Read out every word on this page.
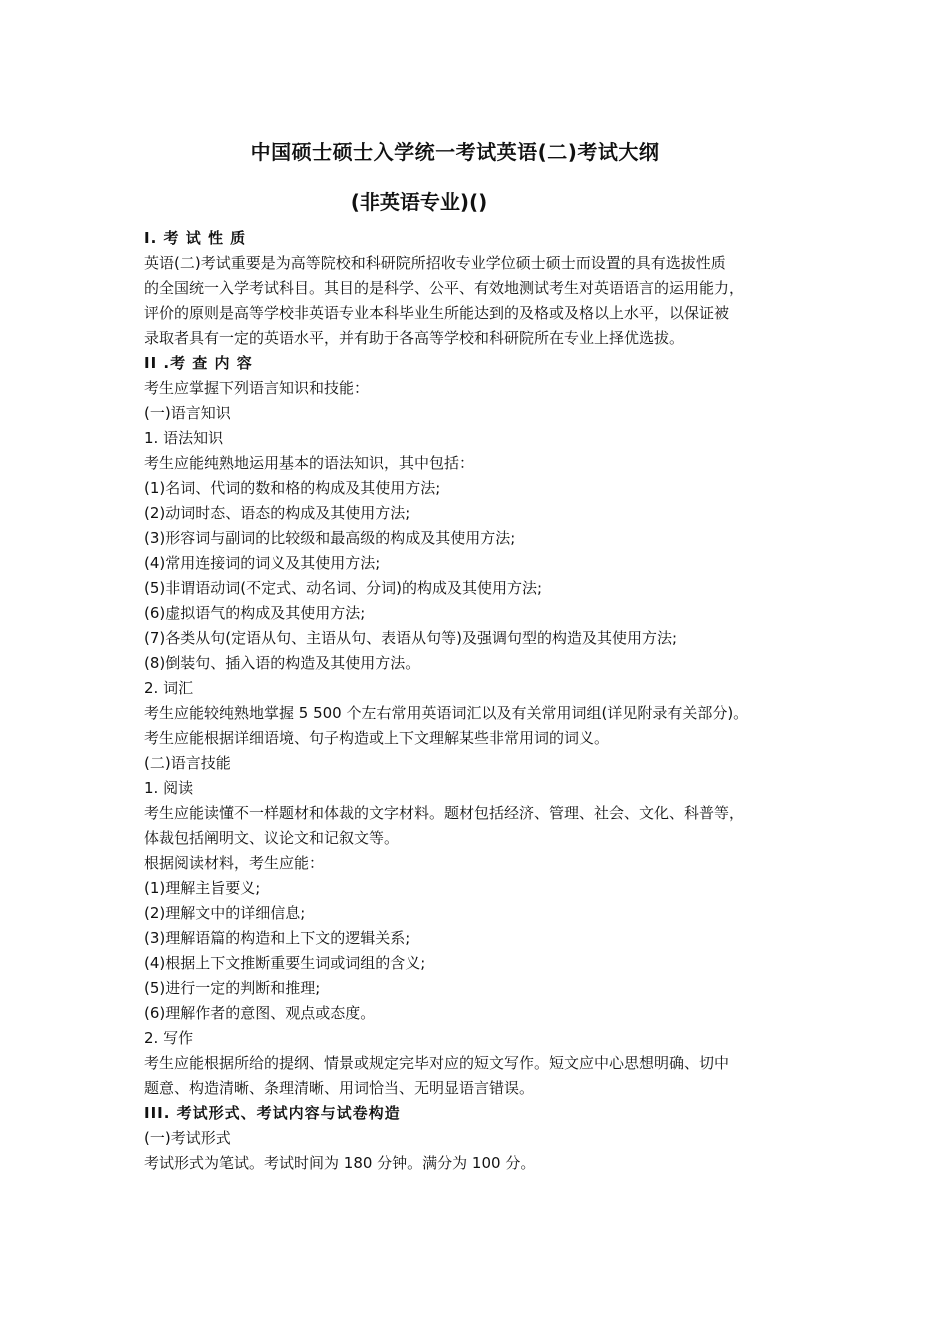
中国硕士硕士入学统一考试英语(二)考试大纲
(非英语专业)()
I. 考 试 性 质
英语(二)考试重要是为高等院校和科研院所招收专业学位硕士硕士而设置的具有选拔性质
的全国统一入学考试科目。其目的是科学、公平、有效地测试考生对英语语言的运用能力，
评价的原则是高等学校非英语专业本科毕业生所能达到的及格或及格以上水平，以保证被
录取者具有一定的英语水平，并有助于各高等学校和科研院所在专业上择优选拔。
II .考 查 内 容
考生应掌握下列语言知识和技能：
(一)语言知识
1. 语法知识
考生应能纯熟地运用基本的语法知识，其中包括：
(1)名词、代词的数和格的构成及其使用方法;
(2)动词时态、语态的构成及其使用方法;
(3)形容词与副词的比较级和最高级的构成及其使用方法;
(4)常用连接词的词义及其使用方法;
(5)非谓语动词(不定式、动名词、分词)的构成及其使用方法;
(6)虚拟语气的构成及其使用方法;
(7)各类从句(定语从句、主语从句、表语从句等)及强调句型的构造及其使用方法;
(8)倒装句、插入语的构造及其使用方法。
2. 词汇
考生应能较纯熟地掌握 5 500 个左右常用英语词汇以及有关常用词组(详见附录有关部分)。
考生应能根据详细语境、句子构造或上下文理解某些非常用词的词义。
(二)语言技能
1. 阅读
考生应能读懂不一样题材和体裁的文字材料。题材包括经济、管理、社会、文化、科普等，
体裁包括阐明文、议论文和记叙文等。
根据阅读材料，考生应能：
(1)理解主旨要义;
(2)理解文中的详细信息;
(3)理解语篇的构造和上下文的逻辑关系;
(4)根据上下文推断重要生词或词组的含义;
(5)进行一定的判断和推理;
(6)理解作者的意图、观点或态度。
2. 写作
考生应能根据所给的提纲、情景或规定完毕对应的短文写作。短文应中心思想明确、切中
题意、构造清晰、条理清晰、用词恰当、无明显语言错误。
III. 考试形式、考试内容与试卷构造
(一)考试形式
考试形式为笔试。考试时间为 180 分钟。满分为 100 分。
